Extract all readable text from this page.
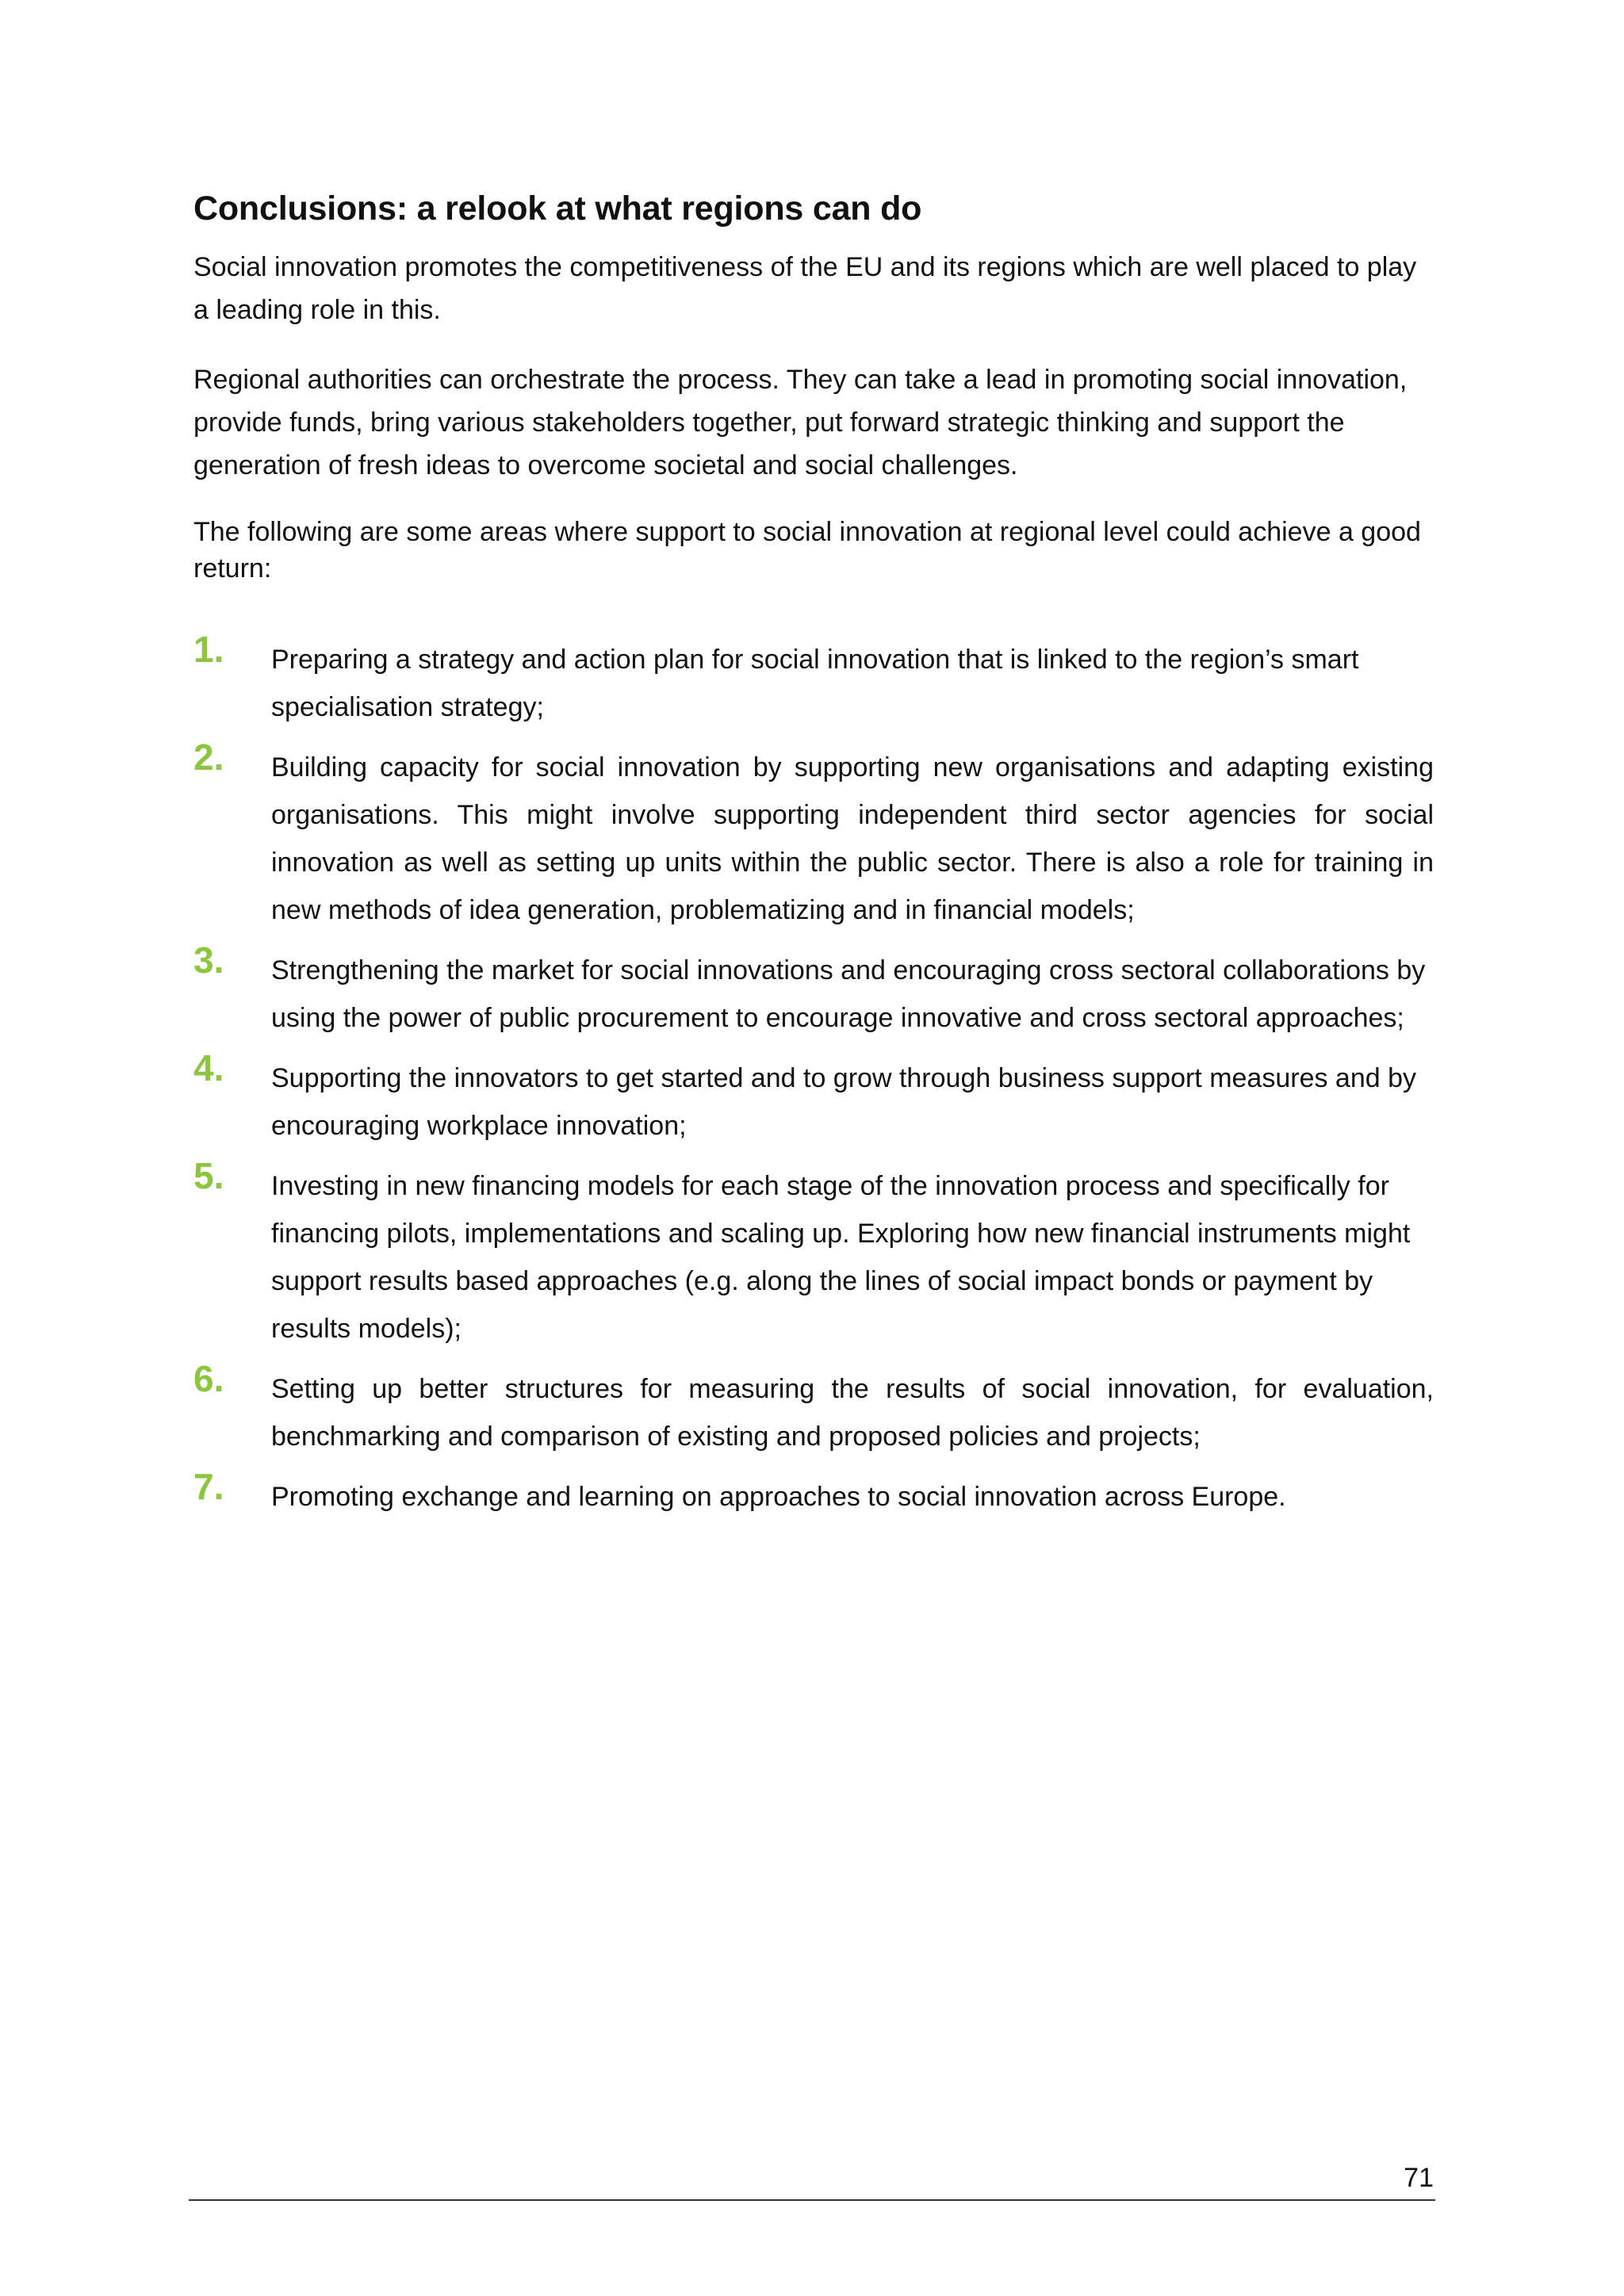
Conclusions: a relook at what regions can do

Social innovation promotes the competitiveness of the EU and its regions which are well placed to play a leading role in this.

Regional authorities can orchestrate the process. They can take a lead in promoting social innovation, provide funds, bring various stakeholders together, put forward strategic thinking and support the generation of fresh ideas to overcome societal and social challenges.

The following are some areas where support to social innovation at regional level could achieve a good return:

1.	Preparing a strategy and action plan for social innovation that is linked to the region’s smart specialisation strategy;
2.	Building capacity for social innovation by supporting new organisations and adapting existing organisations. This might involve supporting independent third sector agencies for social innovation as well as setting up units within the public sector. There is also a role for training in new methods of idea generation, problematizing and in financial models;
3.	Strengthening the market for social innovations and encouraging cross sectoral collaborations by using the power of public procurement to encourage innovative and cross sectoral approaches;
4.	Supporting the innovators to get started and to grow through business support measures and by encouraging workplace innovation;
5.	Investing in new financing models for each stage of the innovation process and specifically for financing pilots, implementations and scaling up. Exploring how new financial instruments might support results based approaches (e.g. along the lines of social impact bonds or payment by results models);
6.	Setting up better structures for measuring the results of social innovation, for evaluation, benchmarking and comparison of existing and proposed policies and projects;
7.	Promoting exchange and learning on approaches to social innovation across Europe.
71
